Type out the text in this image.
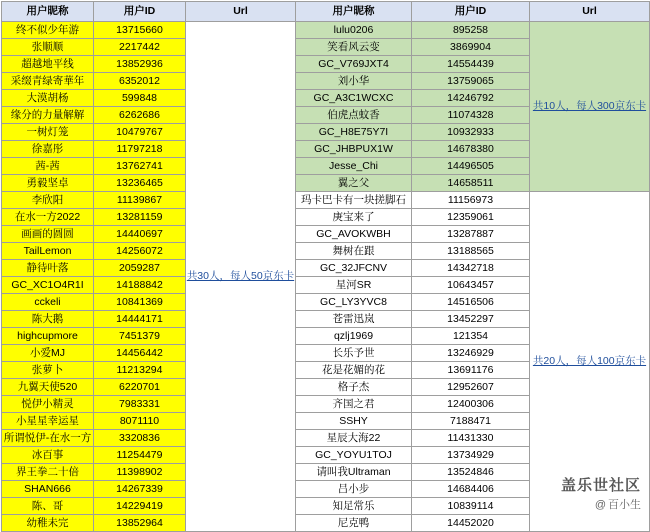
用户昵称	用户ID	Url	用户昵称	用户ID	Url
终不似少年游	13715660	共30人，每人50京东卡	lulu0206	895258	共10人，每人300京东卡
张顺顺	2217442		笑看风云变	3869904	
超越地平线	13852936		GC_V769JXT4	14554439	
采缀青绿寄華年	6352012		刘小华	13759065	
大漠胡杨	599848		GC_A3C1WCXC	14246792	
缘分的力量解解	6262686		伯虎点蚊香	11074328	
一树灯笼	10479767		GC_H8E75Y7I	10932933	
徐嘉彤	11797218		GC_JHBPUX1W	14678380	
茜-茜	13762741		Jesse_Chi	14496505	
勇毅坚卓	13236465		翼之父	14658511	
李欣阳	11139867		玛卡巴卡有一块搓脚石	11156973	共20人，每人100京东卡
在水一方2022	13281159		庚宝来了	12359061	
画画的圆圆	14440697		GC_AVOKWBH	13287887	
TailLemon	14256072		舞树在跟	13188565	
静待叶落	2059287		GC_32JFCNV	14342718	
GC_XC1O4R1I	14188842		星河SR	10643457	
cckeli	10841369		GC_LY3YVC8	14516506	
陈大鹅	14444171		苍雷迅岚	13452297	
highcupmore	7451379		qzlj1969	121354	
小爱MJ	14456442		长乐予世	13246929	
张萝卜	11213294		花是花媚的花	13691176	
九翼天使520	6220701		格子杰	12952607	
悦伊小精灵	7983331		齐国之君	12400306	
小星星幸运星	8071110		SSHY	7188471	
所谓悦伊-在水一方	3320836		星辰大海22	11431330	
冰百事	11254479		GC_YOYU1TOJ	13734929	
界王拳二十倍	11398902		请叫我Ultraman	13524846	
SHAN666	14267339		吕小步	14684406	
陈、哥	14229419		知足常乐	10839114	
幼稚未完	13852964		尼克鸭	14452020	
盖乐世社区
@ 百小生
